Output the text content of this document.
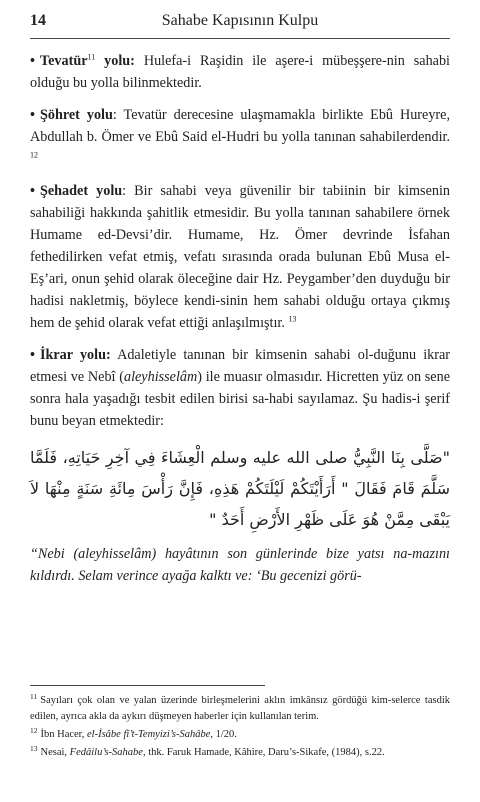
14	Sahabe Kapısının Kulpu

• Tevatür$^{11}$ yolu: Hulefa-i Raşidin ile aşere-i mübeşşere-nin sahabi olduğu bu yolla bilinmektedir.

• Şöhret yolu: Tevatür derecesine ulaşmamakla birlikte Ebû Hureyre, Abdullah b. Ömer ve Ebû Said el-Hudri bu yolla tanınan sahabilerdendir. $^{12}$

• Şehadet yolu: Bir sahabi veya güvenilir bir tabiinin bir kimsenin sahabiliği hakkında şahitlik etmesidir. Bu yolla tanınan sahabilere örnek Humame ed-Devsi’dir. Humame, Hz. Ömer devrinde İsfahan fethedilirken vefat etmiş, vefatı sırasında orada bulunan Ebû Musa el-Eş’ari, onun şehid olarak öleceğine dair Hz. Peygamber’den duyduğu bir hadisi nakletmiş, böylece kendi-sinin hem sahabi olduğu ortaya çıkmış hem de şehid olarak vefat ettiği anlaşılmıştır. $^{13}$

• İkrar yolu: Adaletiyle tanınan bir kimsenin sahabi ol-duğunu ikrar etmesi ve Nebî (aleyhisselâm) ile muasır olmasıdır. Hicretten yüz on sene sonra hala yaşadığı tesbit edilen birisi sa-habi sayılamaz. Şu hadis-i şerif bunu beyan etmektedir:

"صَلَّى بِنَا النَّبِيُّ صلى الله عليه وسلم الْعِشَاءَ فِي آخِرِ حَيَاتِهِ، فَلَمَّا سَلَّمَ قَامَ فَقَالَ " أَرَأَيْتَكُمْ لَيْلَتَكُمْ هَذِهِ، فَإِنَّ رَأْسَ مِائَةِ سَنَةٍ مِنْهَا لاَ يَبْقَى مِمَّنْ هُوَ عَلَى ظَهْرِ الأَرْضِ أَحَدٌ "

“Nebi (aleyhisselâm) hayâtının son günlerinde bize yatsı na-mazını kıldırdı. Selam verince ayağa kalktı ve: ‘Bu gecenizi görü-

$^{11}$ Sayıları çok olan ve yalan üzerinde birleşmelerini aklın imkânsız gördüğü kim-selerce tasdik edilen, ayrıca akla da aykırı düşmeyen haberler için kullanılan terim.

$^{12}$ İbn Hacer, el-İsâbe fî’t-Temyizi’s-Sahâbe, 1/20.

$^{13}$ Nesai, Fedâilu’s-Sahabe, thk. Faruk Hamade, Kâhire, Daru’s-Sikafe, (1984), s.22.
